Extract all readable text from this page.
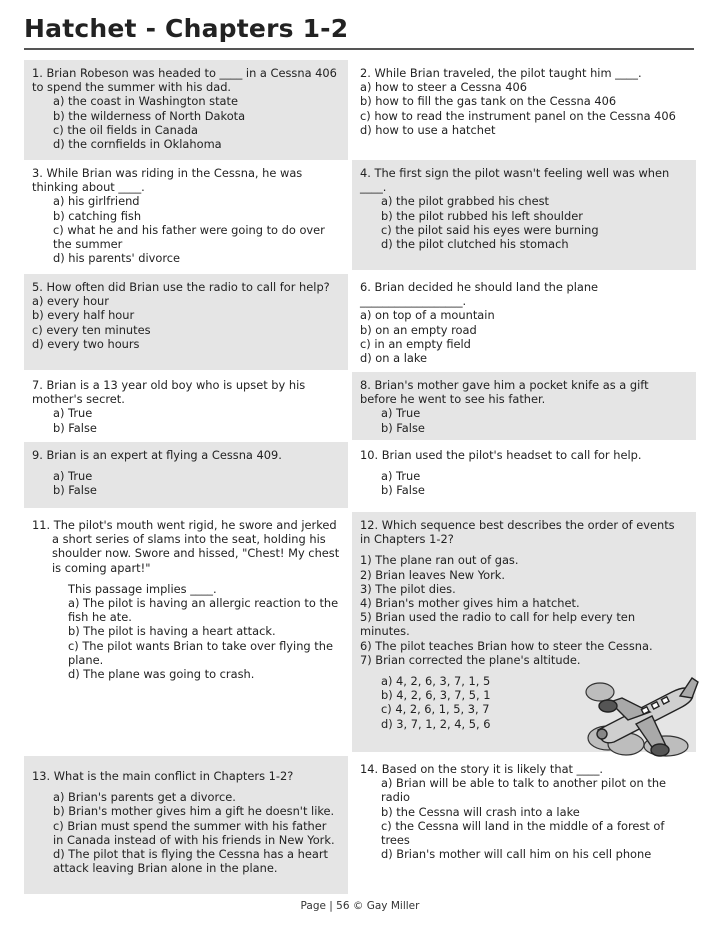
Hatchet - Chapters 1-2

1. Brian Robeson was headed to ____ in a Cessna 406 to spend the summer with his dad.

a) the coast in Washington state

b) the wilderness of North Dakota

c) the oil fields in Canada

d) the cornfields in Oklahoma

2. While Brian traveled, the pilot taught him ____.

a) how to steer a Cessna 406

b) how to fill the gas tank on the Cessna 406

c) how to read the instrument panel on the Cessna 406

d) how to use a hatchet

3. While Brian was riding in the Cessna, he was thinking about ____.

a) his girlfriend

b) catching fish

c) what he and his father were going to do over the summer

d) his parents' divorce

4. The first sign the pilot wasn't feeling well was when ____.

a) the pilot grabbed his chest

b) the pilot rubbed his left shoulder

c) the pilot said his eyes were burning

d) the pilot clutched his stomach

5. How often did Brian use the radio to call for help?

a) every hour

b) every half hour

c) every ten minutes

d) every two hours

6. Brian decided he should land the plane

__________________.

a) on top of a mountain

b) on an empty road

c) in an empty field

d) on a lake

7. Brian is a 13 year old boy who is upset by his mother's secret.

a) True

b) False

8. Brian's mother gave him a pocket knife as a gift before he went to see his father.

a) True

b) False

9. Brian is an expert at flying a Cessna 409.

a) True

b) False

10. Brian used the pilot's headset to call for help.

a) True

b) False

11. The pilot's mouth went rigid, he swore and jerked a short series of slams into the seat, holding his shoulder now. Swore and hissed, "Chest! My chest is coming apart!"

This passage implies ____.

a) The pilot is having an allergic reaction to the fish he ate.

b) The pilot is having a heart attack.

c) The pilot wants Brian to take over flying the plane.

d) The plane was going to crash.

12. Which sequence best describes the order of events in Chapters 1-2?

1) The plane ran out of gas.

2) Brian leaves New York.

3) The pilot dies.

4) Brian's mother gives him a hatchet.

5) Brian used the radio to call for help every ten minutes.

6) The pilot teaches Brian how to steer the Cessna.

7) Brian corrected the plane's altitude.

a) 4, 2, 6, 3, 7, 1, 5

b) 4, 2, 6, 3, 7, 5, 1

c) 4, 2, 6, 1, 5, 3, 7

d) 3, 7, 1, 2, 4, 5, 6

13. What is the main conflict in Chapters 1-2?

a) Brian's parents get a divorce.

b) Brian's mother gives him a gift he doesn't like.

c) Brian must spend the summer with his father in Canada instead of with his friends in New York.

d) The pilot that is flying the Cessna has a heart attack leaving Brian alone in the plane.

14. Based on the story it is likely that ____.

a) Brian will be able to talk to another pilot on the radio

b) the Cessna will crash into a lake

c) the Cessna will land in the middle of a forest of trees

d) Brian's mother will call him on his cell phone

Page | 56 © Gay Miller
